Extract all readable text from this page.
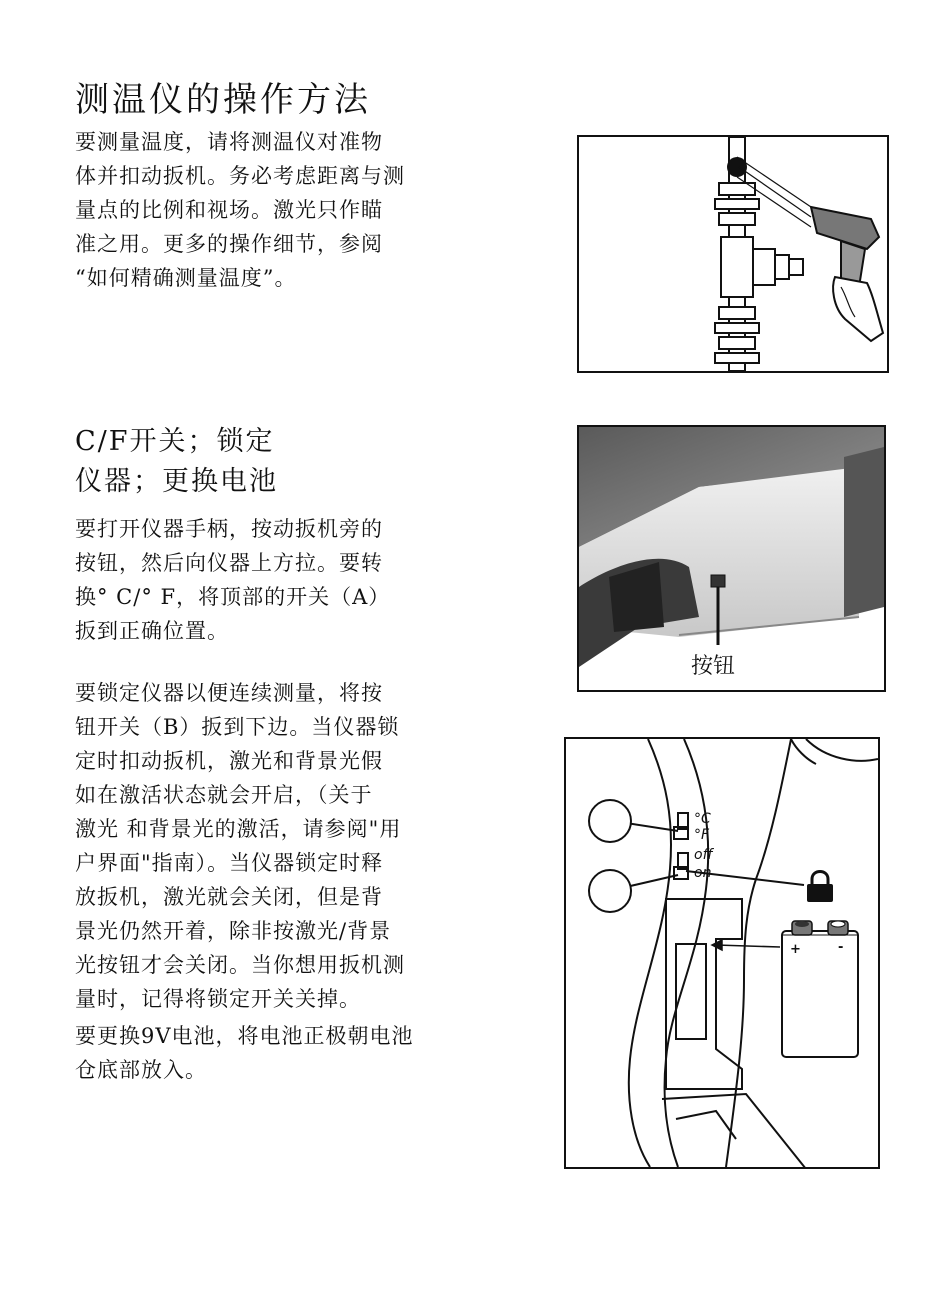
测温仪的操作方法
要测量温度，请将测温仪对准物
体并扣动扳机。务必考虑距离与测
量点的比例和视场。激光只作瞄
准之用。更多的操作细节，参阅
“如何精确测量温度”。
C/F开关；锁定
仪器；更换电池
要打开仪器手柄，按动扳机旁的
按钮，然后向仪器上方拉。要转
换° C/° F，将顶部的开关（A）
扳到正确位置。
要锁定仪器以便连续测量，将按
钮开关（B）扳到下边。当仪器锁
定时扣动扳机，激光和背景光假
如在激活状态就会开启，（关于
激光 和背景光的激活，请参阅"用
户界面"指南）。当仪器锁定时释
放扳机，激光就会关闭，但是背
景光仍然开着，除非按激光/背景
光按钮才会关闭。当你想用扳机测
量时，记得将锁定开关关掉。
要更换9V电池，将电池正极朝电池
仓底部放入。
按钮
°C
°F
off
on
+	-
